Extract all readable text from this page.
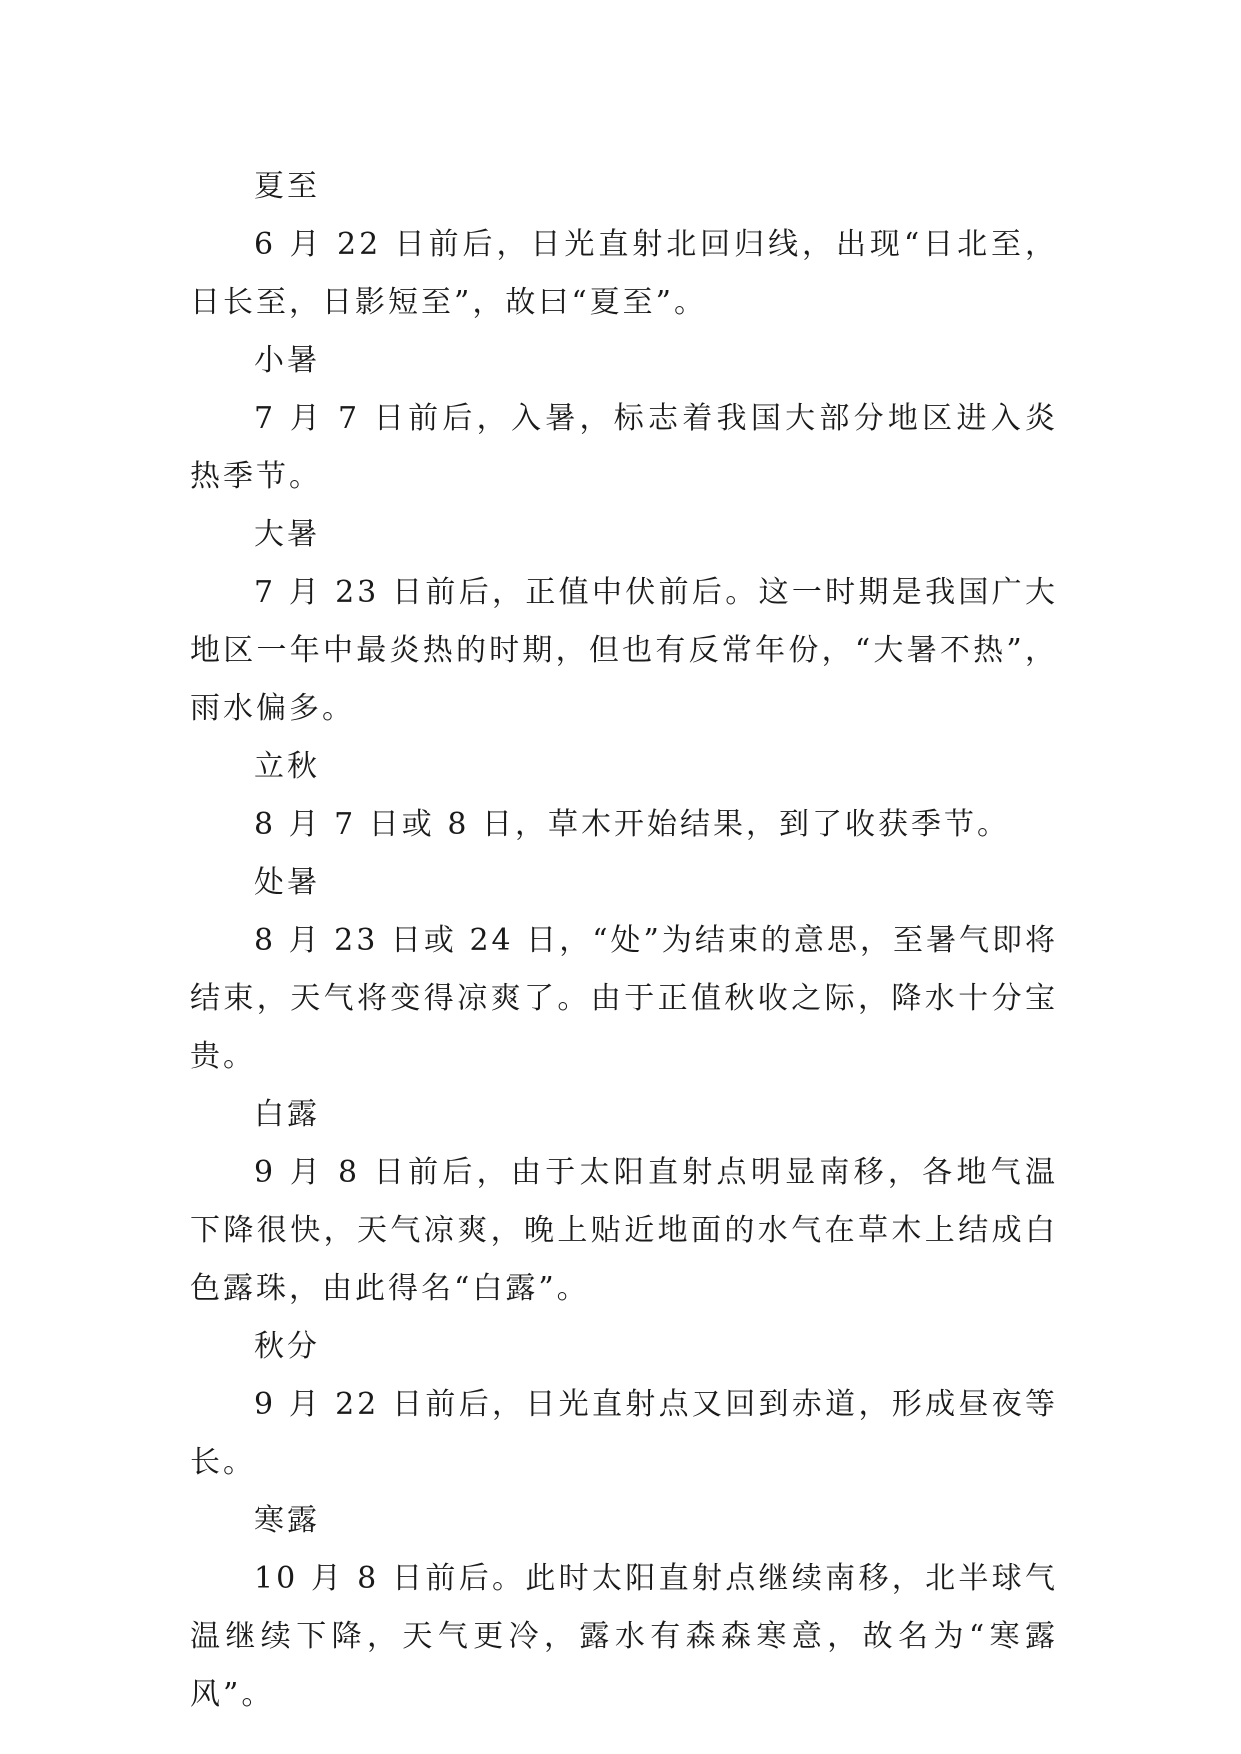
夏至

6 月 22 日前后，日光直射北回归线，出现“日北至，日长至，日影短至”，故曰“夏至”。

小暑

7 月 7 日前后，入暑，标志着我国大部分地区进入炎热季节。

大暑

7 月 23 日前后，正值中伏前后。这一时期是我国广大地区一年中最炎热的时期，但也有反常年份，“大暑不热”，雨水偏多。

立秋

8 月 7 日或 8 日，草木开始结果，到了收获季节。

处暑

8 月 23 日或 24 日，“处”为结束的意思，至暑气即将结束，天气将变得凉爽了。由于正值秋收之际，降水十分宝贵。

白露

9 月 8 日前后，由于太阳直射点明显南移，各地气温下降很快，天气凉爽，晚上贴近地面的水气在草木上结成白色露珠，由此得名“白露”。

秋分

9 月 22 日前后，日光直射点又回到赤道，形成昼夜等长。

寒露

10 月 8 日前后。此时太阳直射点继续南移，北半球气温继续下降，天气更冷，露水有森森寒意，故名为“寒露风”。
